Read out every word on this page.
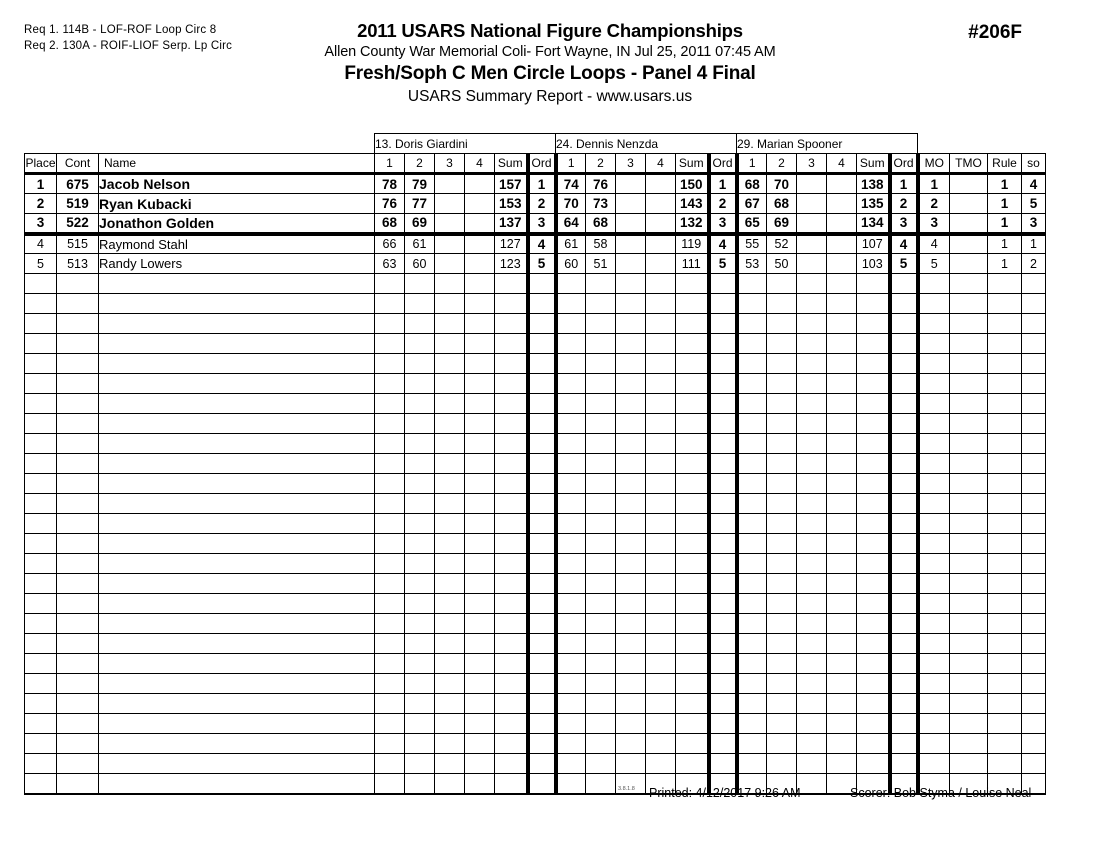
Req 1. 114B - LOF-ROF Loop Circ 8
Req 2. 130A - ROIF-LIOF Serp. Lp Circ
2011 USARS National Figure Championships
Allen County War Memorial Coli- Fort Wayne, IN Jul 25, 2011 07:45 AM
Fresh/Soph C Men Circle Loops - Panel 4 Final
USARS Summary Report - www.usars.us
#206F
			13. Doris Giardini						24. Dennis Nenzda						29. Marian Spooner									
Place	Cont	Name	1	2	3	4	Sum	Ord	1	2	3	4	Sum	Ord	1	2	3	4	Sum	Ord	MO	TMO	Rule	so
1	675	Jacob Nelson	78	79			157	1	74	76			150	1	68	70			138	1	1		1	4
2	519	Ryan Kubacki	76	77			153	2	70	73			143	2	67	68			135	2	2		1	5
3	522	Jonathon Golden	68	69			137	3	64	68			132	3	65	69			134	3	3		1	3
4	515	Raymond Stahl	66	61			127	4	61	58			119	4	55	52			107	4	4		1	1
5	513	Randy Lowers	63	60			123	5	60	51			111	5	53	50			103	5	5		1	2

3.8.1.8 Printed: 4/12/2017 9:26 AM	Scorer: Bob Styma / Louise Neal
